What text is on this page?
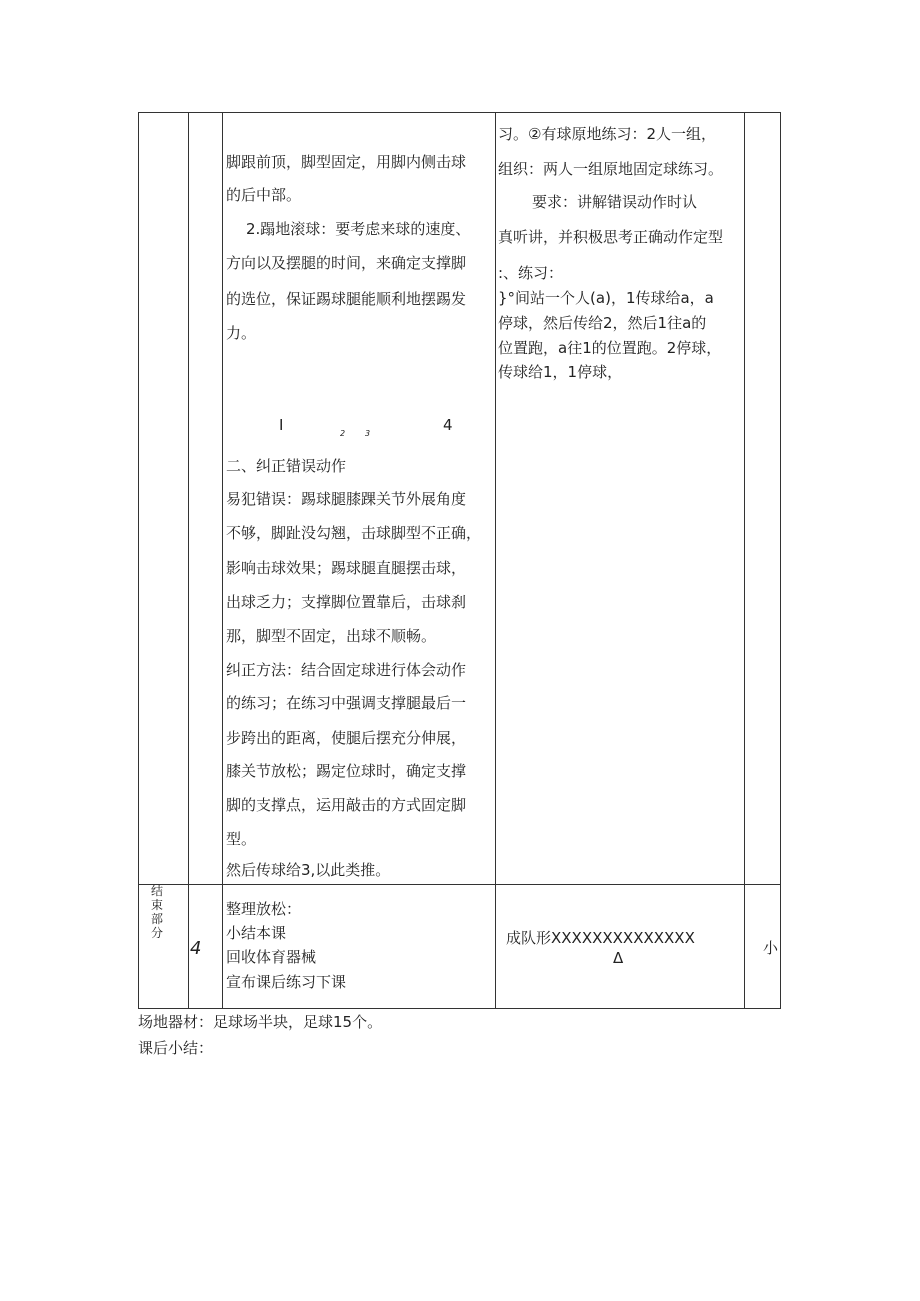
脚跟前顶，脚型固定，用脚内侧击球
的后中部。
2.蹋地滚球：要考虑来球的速度、
方向以及摆腿的时间，来确定支撑脚
的选位，保证踢球腿能顺利地摆踢发
力。
I	2 3	4
二、纠正错误动作
易犯错误：踢球腿膝踝关节外展角度
不够，脚趾没勾翘，击球脚型不正确，
影响击球效果；踢球腿直腿摆击球，
出球乏力；支撑脚位置靠后，击球刹
那，脚型不固定，出球不顺畅。
纠正方法：结合固定球进行体会动作
的练习；在练习中强调支撑腿最后一
步跨出的距离，使腿后摆充分伸展，
膝关节放松；踢定位球时，确定支撑
脚的支撑点，运用敲击的方式固定脚
型。
然后传球给3,以此类推。
习。②有球原地练习：2人一组，
组织：两人一组原地固定球练习。
要求：讲解错误动作时认
真听讲，并积极思考正确动作定型
:、练习：
}°间站一个人(a)，1传球给a，a
停球，然后传给2，然后1往a的
位置跑，a往1的位置跑。2停球，
传球给1，1停球，
结
束
部
分
4
整理放松：
小结本课
回收体育器械
宣布课后练习下课
成队形XXXXXXXXXXXXXX
Δ
小
场地器材：足球场半块，足球15个。
课后小结：
